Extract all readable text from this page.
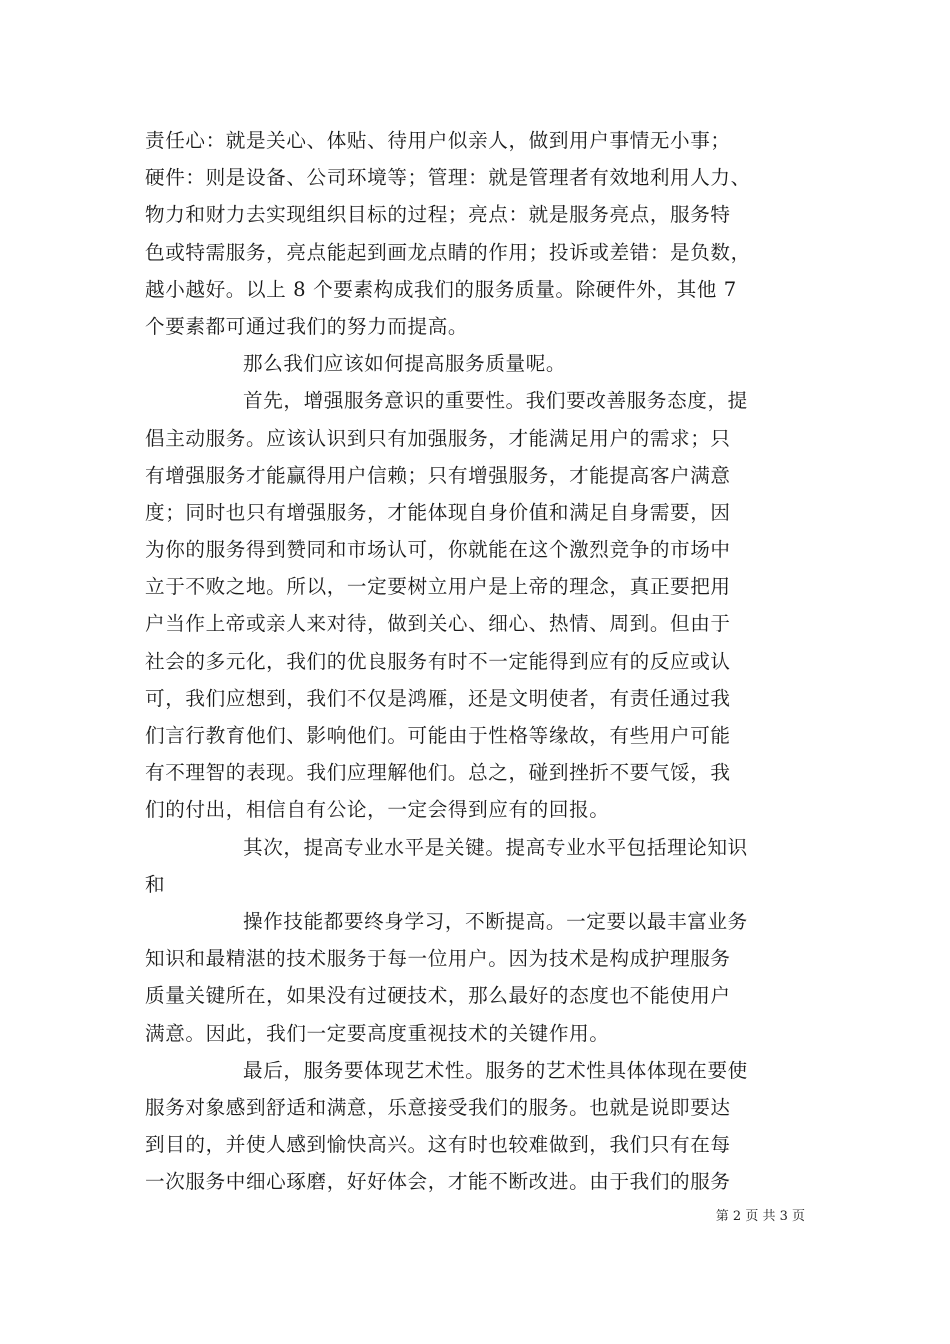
责任心：就是关心、体贴、待用户似亲人，做到用户事情无小事；
硬件：则是设备、公司环境等；管理：就是管理者有效地利用人力、
物力和财力去实现组织目标的过程；亮点：就是服务亮点，服务特
色或特需服务，亮点能起到画龙点睛的作用；投诉或差错：是负数，
越小越好。以上 8 个要素构成我们的服务质量。除硬件外，其他 7
个要素都可通过我们的努力而提高。
那么我们应该如何提高服务质量呢。
首先，增强服务意识的重要性。我们要改善服务态度，提
倡主动服务。应该认识到只有加强服务，才能满足用户的需求；只
有增强服务才能赢得用户信赖；只有增强服务，才能提高客户满意
度；同时也只有增强服务，才能体现自身价值和满足自身需要，因
为你的服务得到赞同和市场认可，你就能在这个激烈竞争的市场中
立于不败之地。所以，一定要树立用户是上帝的理念，真正要把用
户当作上帝或亲人来对待，做到关心、细心、热情、周到。但由于
社会的多元化，我们的优良服务有时不一定能得到应有的反应或认
可，我们应想到，我们不仅是鸿雁，还是文明使者，有责任通过我
们言行教育他们、影响他们。可能由于性格等缘故，有些用户可能
有不理智的表现。我们应理解他们。总之，碰到挫折不要气馁，我
们的付出，相信自有公论，一定会得到应有的回报。
其次，提高专业水平是关键。提高专业水平包括理论知识
和
操作技能都要终身学习，不断提高。一定要以最丰富业务
知识和最精湛的技术服务于每一位用户。因为技术是构成护理服务
质量关键所在，如果没有过硬技术，那么最好的态度也不能使用户
满意。因此，我们一定要高度重视技术的关键作用。
最后，服务要体现艺术性。服务的艺术性具体体现在要使
服务对象感到舒适和满意，乐意接受我们的服务。也就是说即要达
到目的，并使人感到愉快高兴。这有时也较难做到，我们只有在每
一次服务中细心琢磨，好好体会，才能不断改进。由于我们的服务
第 2 页 共 3 页
